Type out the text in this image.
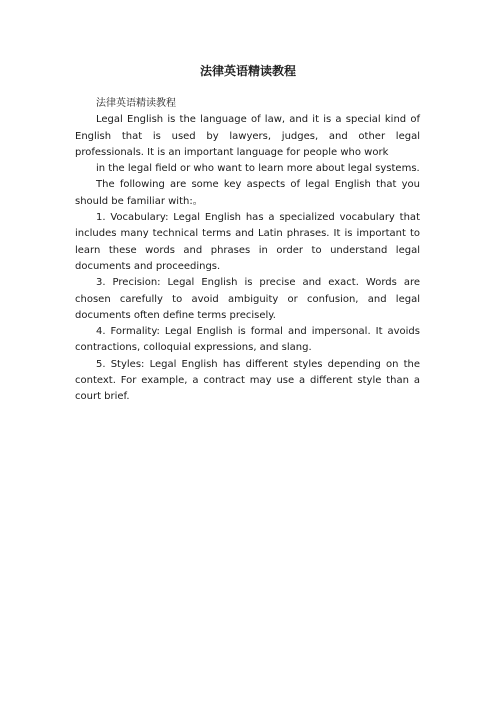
法律英语精读教程

法律英语精读教程

Legal English is the language of law, and it is a special kind of English that is used by lawyers, judges, and other legal professionals. It is an important language for people who work

in the legal field or who want to learn more about legal systems.

The following are some key aspects of legal English that you should be familiar with:。

1. Vocabulary: Legal English has a specialized vocabulary that includes many technical terms and Latin phrases. It is important to learn these words and phrases in order to understand legal documents and proceedings.

3. Precision: Legal English is precise and exact. Words are chosen carefully to avoid ambiguity or confusion, and legal documents often define terms precisely.

4. Formality: Legal English is formal and impersonal. It avoids contractions, colloquial expressions, and slang.

5. Styles: Legal English has different styles depending on the context. For example, a contract may use a different style than a court brief.
